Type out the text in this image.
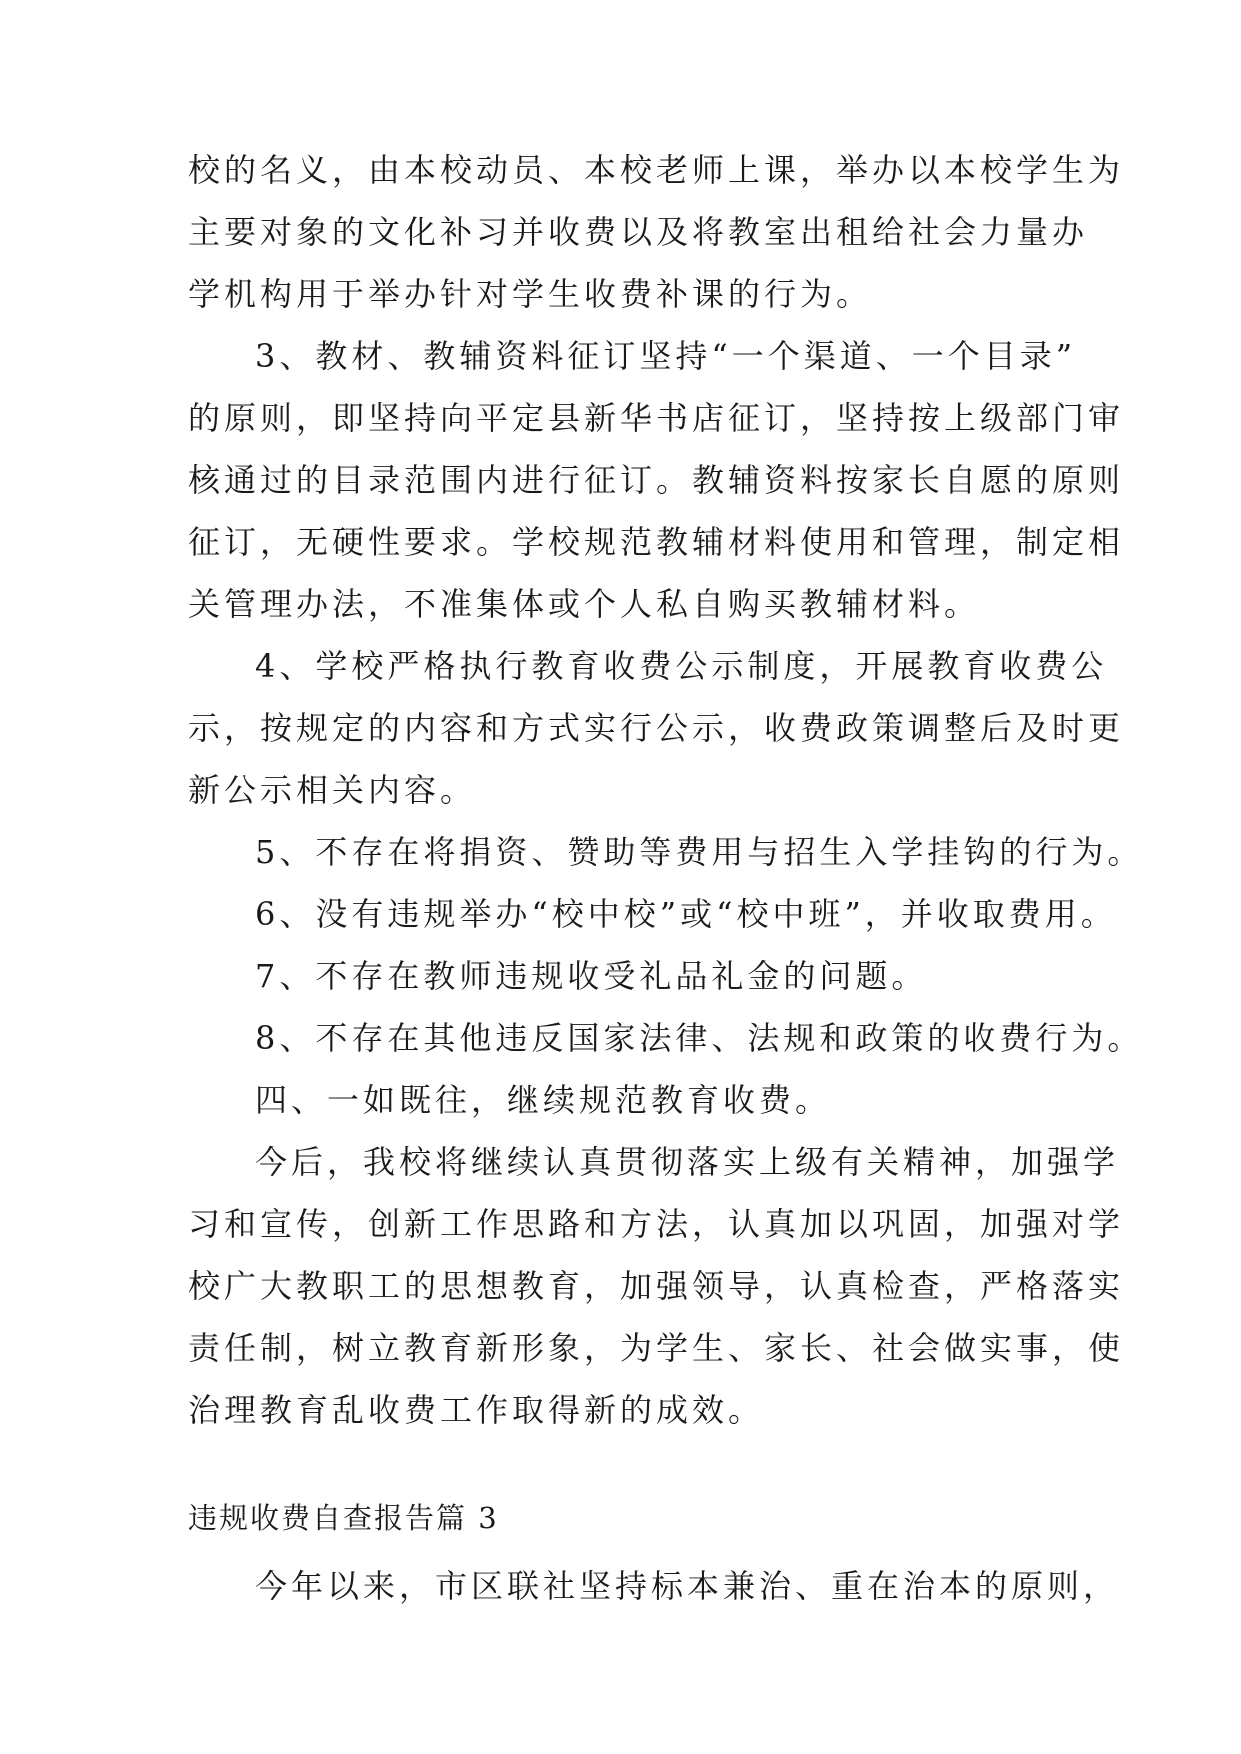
校的名义，由本校动员、本校老师上课，举办以本校学生为
主要对象的文化补习并收费以及将教室出租给社会力量办
学机构用于举办针对学生收费补课的行为。
3、教材、教辅资料征订坚持“一个渠道、一个目录”
的原则，即坚持向平定县新华书店征订，坚持按上级部门审
核通过的目录范围内进行征订。教辅资料按家长自愿的原则
征订，无硬性要求。学校规范教辅材料使用和管理，制定相
关管理办法，不准集体或个人私自购买教辅材料。
4、学校严格执行教育收费公示制度，开展教育收费公
示，按规定的内容和方式实行公示，收费政策调整后及时更
新公示相关内容。
5、不存在将捐资、赞助等费用与招生入学挂钩的行为。
6、没有违规举办“校中校”或“校中班”，并收取费用。
7、不存在教师违规收受礼品礼金的问题。
8、不存在其他违反国家法律、法规和政策的收费行为。
四、一如既往，继续规范教育收费。
今后，我校将继续认真贯彻落实上级有关精神，加强学
习和宣传，创新工作思路和方法，认真加以巩固，加强对学
校广大教职工的思想教育，加强领导，认真检查，严格落实
责任制，树立教育新形象，为学生、家长、社会做实事，使
治理教育乱收费工作取得新的成效。
违规收费自查报告篇 3
今年以来，市区联社坚持标本兼治、重在治本的原则，
